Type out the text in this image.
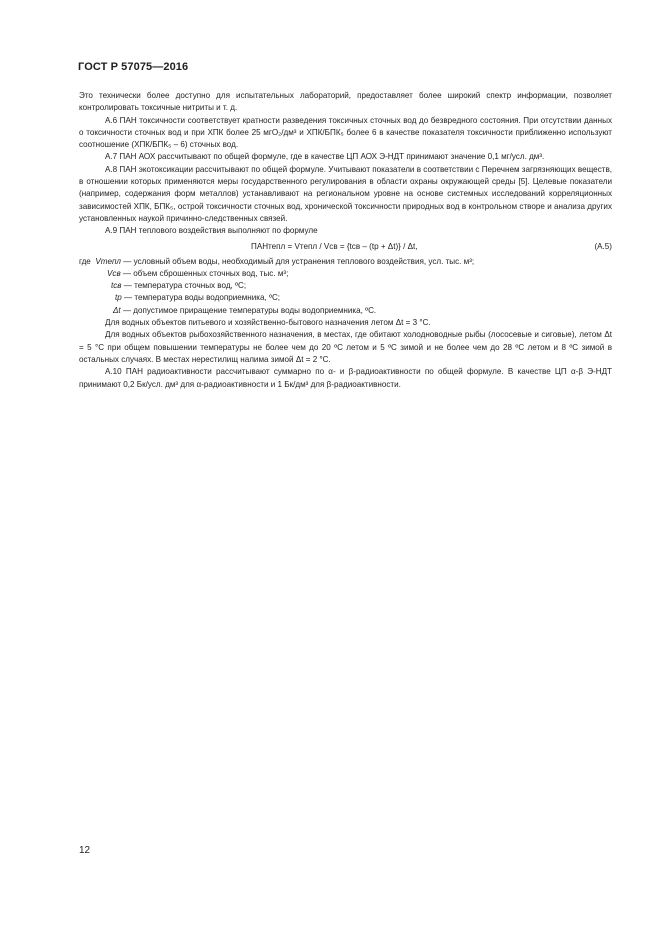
ГОСТ Р 57075—2016

Это технически более доступно для испытательных лабораторий, предоставляет более широкий спектр информации, позволяет контролировать токсичные нитриты и т. д.

А.6 ПАН токсичности соответствует кратности разведения токсичных сточных вод до безвредного состояния. При отсутствии данных о токсичности сточных вод и при ХПК более 25 мгО₂/дм³ и ХПК/БПК₅ более 6 в качестве показателя токсичности приближенно используют соотношение (ХПК/БПК₅ – 6) сточных вод.

А.7 ПАН АОХ рассчитывают по общей формуле, где в качестве ЦП АОХ Э-НДТ принимают значение 0,1 мг/усл. дм³.

А.8 ПАН экотоксикации рассчитывают по общей формуле. Учитывают показатели в соответствии с Перечнем загрязняющих веществ, в отношении которых применяются меры государственного регулирования в области охраны окружающей среды [5]. Целевые показатели (например, содержания форм металлов) устанавливают на региональном уровне на основе системных исследований корреляционных зависимостей ХПК, БПК₅, острой токсичности сточных вод, хронической токсичности природных вод в контрольном створе и анализа других установленных наукой причинно-следственных связей.

А.9 ПАН теплового воздействия выполняют по формуле

ПАНтепл = Vтепл / Vсв = {tсв – (tр + Δt)} / Δt,	(А.5)
где Vтепл — условный объем воды, необходимый для устранения теплового воздействия, усл. тыс. м³;
Vсв — объем сброшенных сточных вод, тыс. м³;
tсв — температура сточных вод, ºС;
tр — температура воды водоприемника, ºС;
Δt — допустимое приращение температуры воды водоприемника, ºС.

Для водных объектов питьевого и хозяйственно-бытового назначения летом Δt = 3 °С.

Для водных объектов рыбохозяйственного назначения, в местах, где обитают холодноводные рыбы (лососевые и сиговые), летом Δt = 5 °С при общем повышении температуры не более чем до 20 ºС летом и 5 ºС зимой и не более чем до 28 ºС летом и 8 ºС зимой в остальных случаях. В местах нерестилищ налима зимой Δt = 2 °С.

А.10 ПАН радиоактивности рассчитывают суммарно по α- и β-радиоактивности по общей формуле. В качестве ЦП α-β Э-НДТ принимают 0,2 Бк/усл. дм³ для α-радиоактивности и 1 Бк/дм³ для β-радиоактивности.

12
